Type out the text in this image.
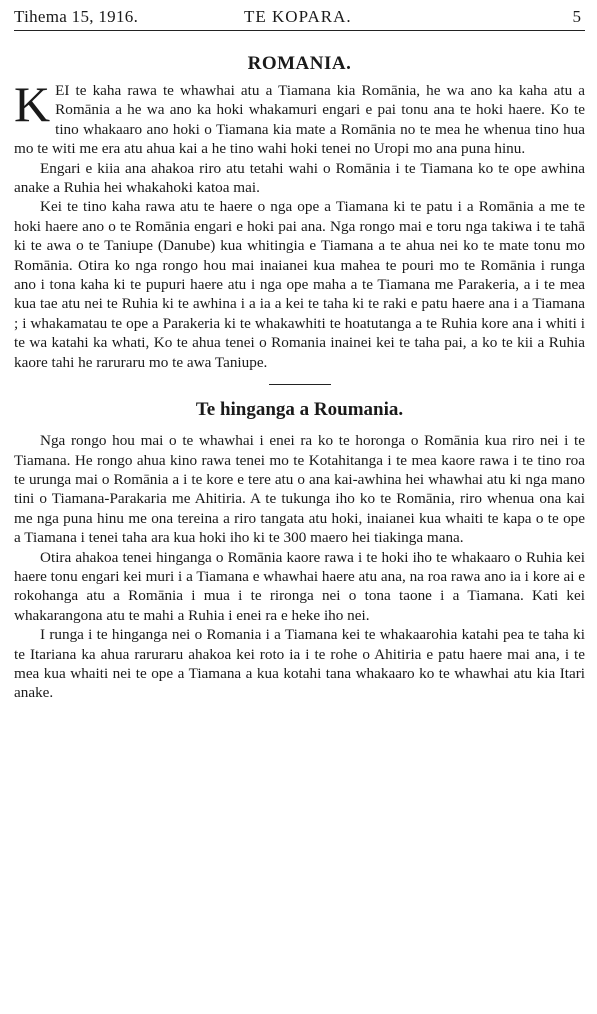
Tihema 15, 1916.	TE KOPARA.	5
ROMANIA.

KEI te kaha rawa te whawhai atu a Tiamana kia Romānia, he wa ano ka kaha atu a Romānia a he wa ano ka hoki whakamuri engari e pai tonu ana te hoki haere. Ko te tino whakaaro ano hoki o Tiamana kia mate a Romānia no te mea he whenua tino hua mo te witi me era atu ahua kai a he tino wahi hoki tenei no Uropi mo ana puna hinu.

Engari e kiia ana ahakoa riro atu tetahi wahi o Romānia i te Tiamana ko te ope awhina anake a Ruhia hei whakahoki katoa mai.

Kei te tino kaha rawa atu te haere o nga ope a Tiamana ki te patu i a Romānia a me te hoki haere ano o te Romānia engari e hoki pai ana. Nga rongo mai e toru nga takiwa i te tahā ki te awa o te Taniupe (Danube) kua whitingia e Tiamana a te ahua nei ko te mate tonu mo Romānia. Otira ko nga rongo hou mai inaianei kua mahea te pouri mo te Romānia i runga ano i tona kaha ki te pupuri haere atu i nga ope maha a te Tiamana me Parakeria, a i te mea kua tae atu nei te Ruhia ki te awhina i a ia a kei te taha ki te raki e patu haere ana i a Tiamana ; i whakamatau te ope a Parakeria ki te whakawhiti te hoatutanga a te Ruhia kore ana i whiti i te wa katahi ka whati, Ko te ahua tenei o Romania inainei kei te taha pai, a ko te kii a Ruhia kaore tahi he raruraru mo te awa Taniupe.

Te hinganga a Roumania.

Nga rongo hou mai o te whawhai i enei ra ko te horonga o Romānia kua riro nei i te Tiamana. He rongo ahua kino rawa tenei mo te Kotahitanga i te mea kaore rawa i te tino roa te urunga mai o Romānia a i te kore e tere atu o ana kai-awhina hei whawhai atu ki nga mano tini o Tiamana-Parakaria me Ahitiria. A te tukunga iho ko te Romānia, riro whenua ona kai me nga puna hinu me ona tereina a riro tangata atu hoki, inaianei kua whaiti te kapa o te ope a Tiamana i tenei taha ara kua hoki iho ki te 300 maero hei tiakinga mana.

Otira ahakoa tenei hinganga o Romānia kaore rawa i te hoki iho te whakaaro o Ruhia kei haere tonu engari kei muri i a Tiamana e whawhai haere atu ana, na roa rawa ano ia i kore ai e rokohanga atu a Romānia i mua i te rironga nei o tona taone i a Tiamana. Kati kei whakarangona atu te mahi a Ruhia i enei ra e heke iho nei.

I runga i te hinganga nei o Romania i a Tiamana kei te whakaarohia katahi pea te taha ki te Itariana ka ahua raruraru ahakoa kei roto ia i te rohe o Ahitiria e patu haere mai ana, i te mea kua whaiti nei te ope a Tiamana a kua kotahi tana whakaaro ko te whawhai atu kia Itari anake.
